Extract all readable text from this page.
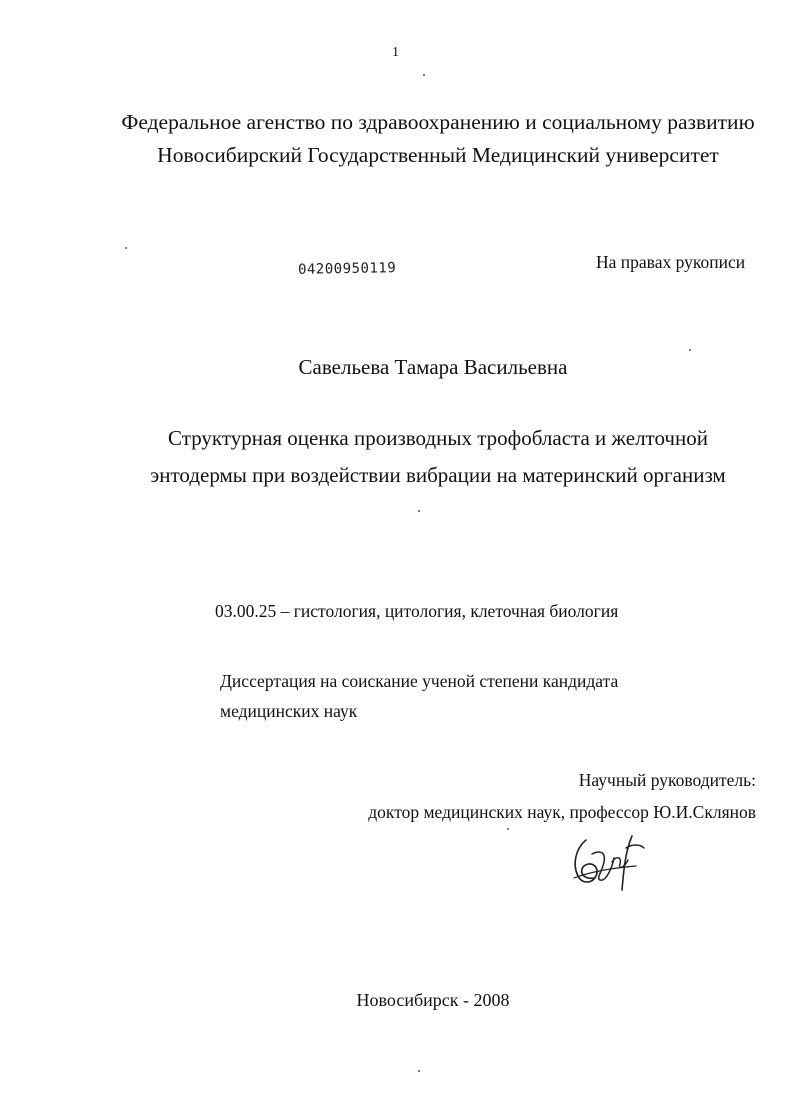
1
Федеральное агенство по здравоохранению и социальному развитию
Новосибирский Государственный Медицинский университет
04200950119	На правах рукописи
Савельева Тамара Васильевна
Структурная оценка производных трофобласта и желточной
энтодермы при воздействии вибрации на материнский организм
03.00.25 – гистология, цитология, клеточная биология
Диссертация на соискание ученой степени кандидата
медицинских наук
Научный руководитель:
доктор медицинских наук, профессор Ю.И.Склянов
Новосибирск - 2008
